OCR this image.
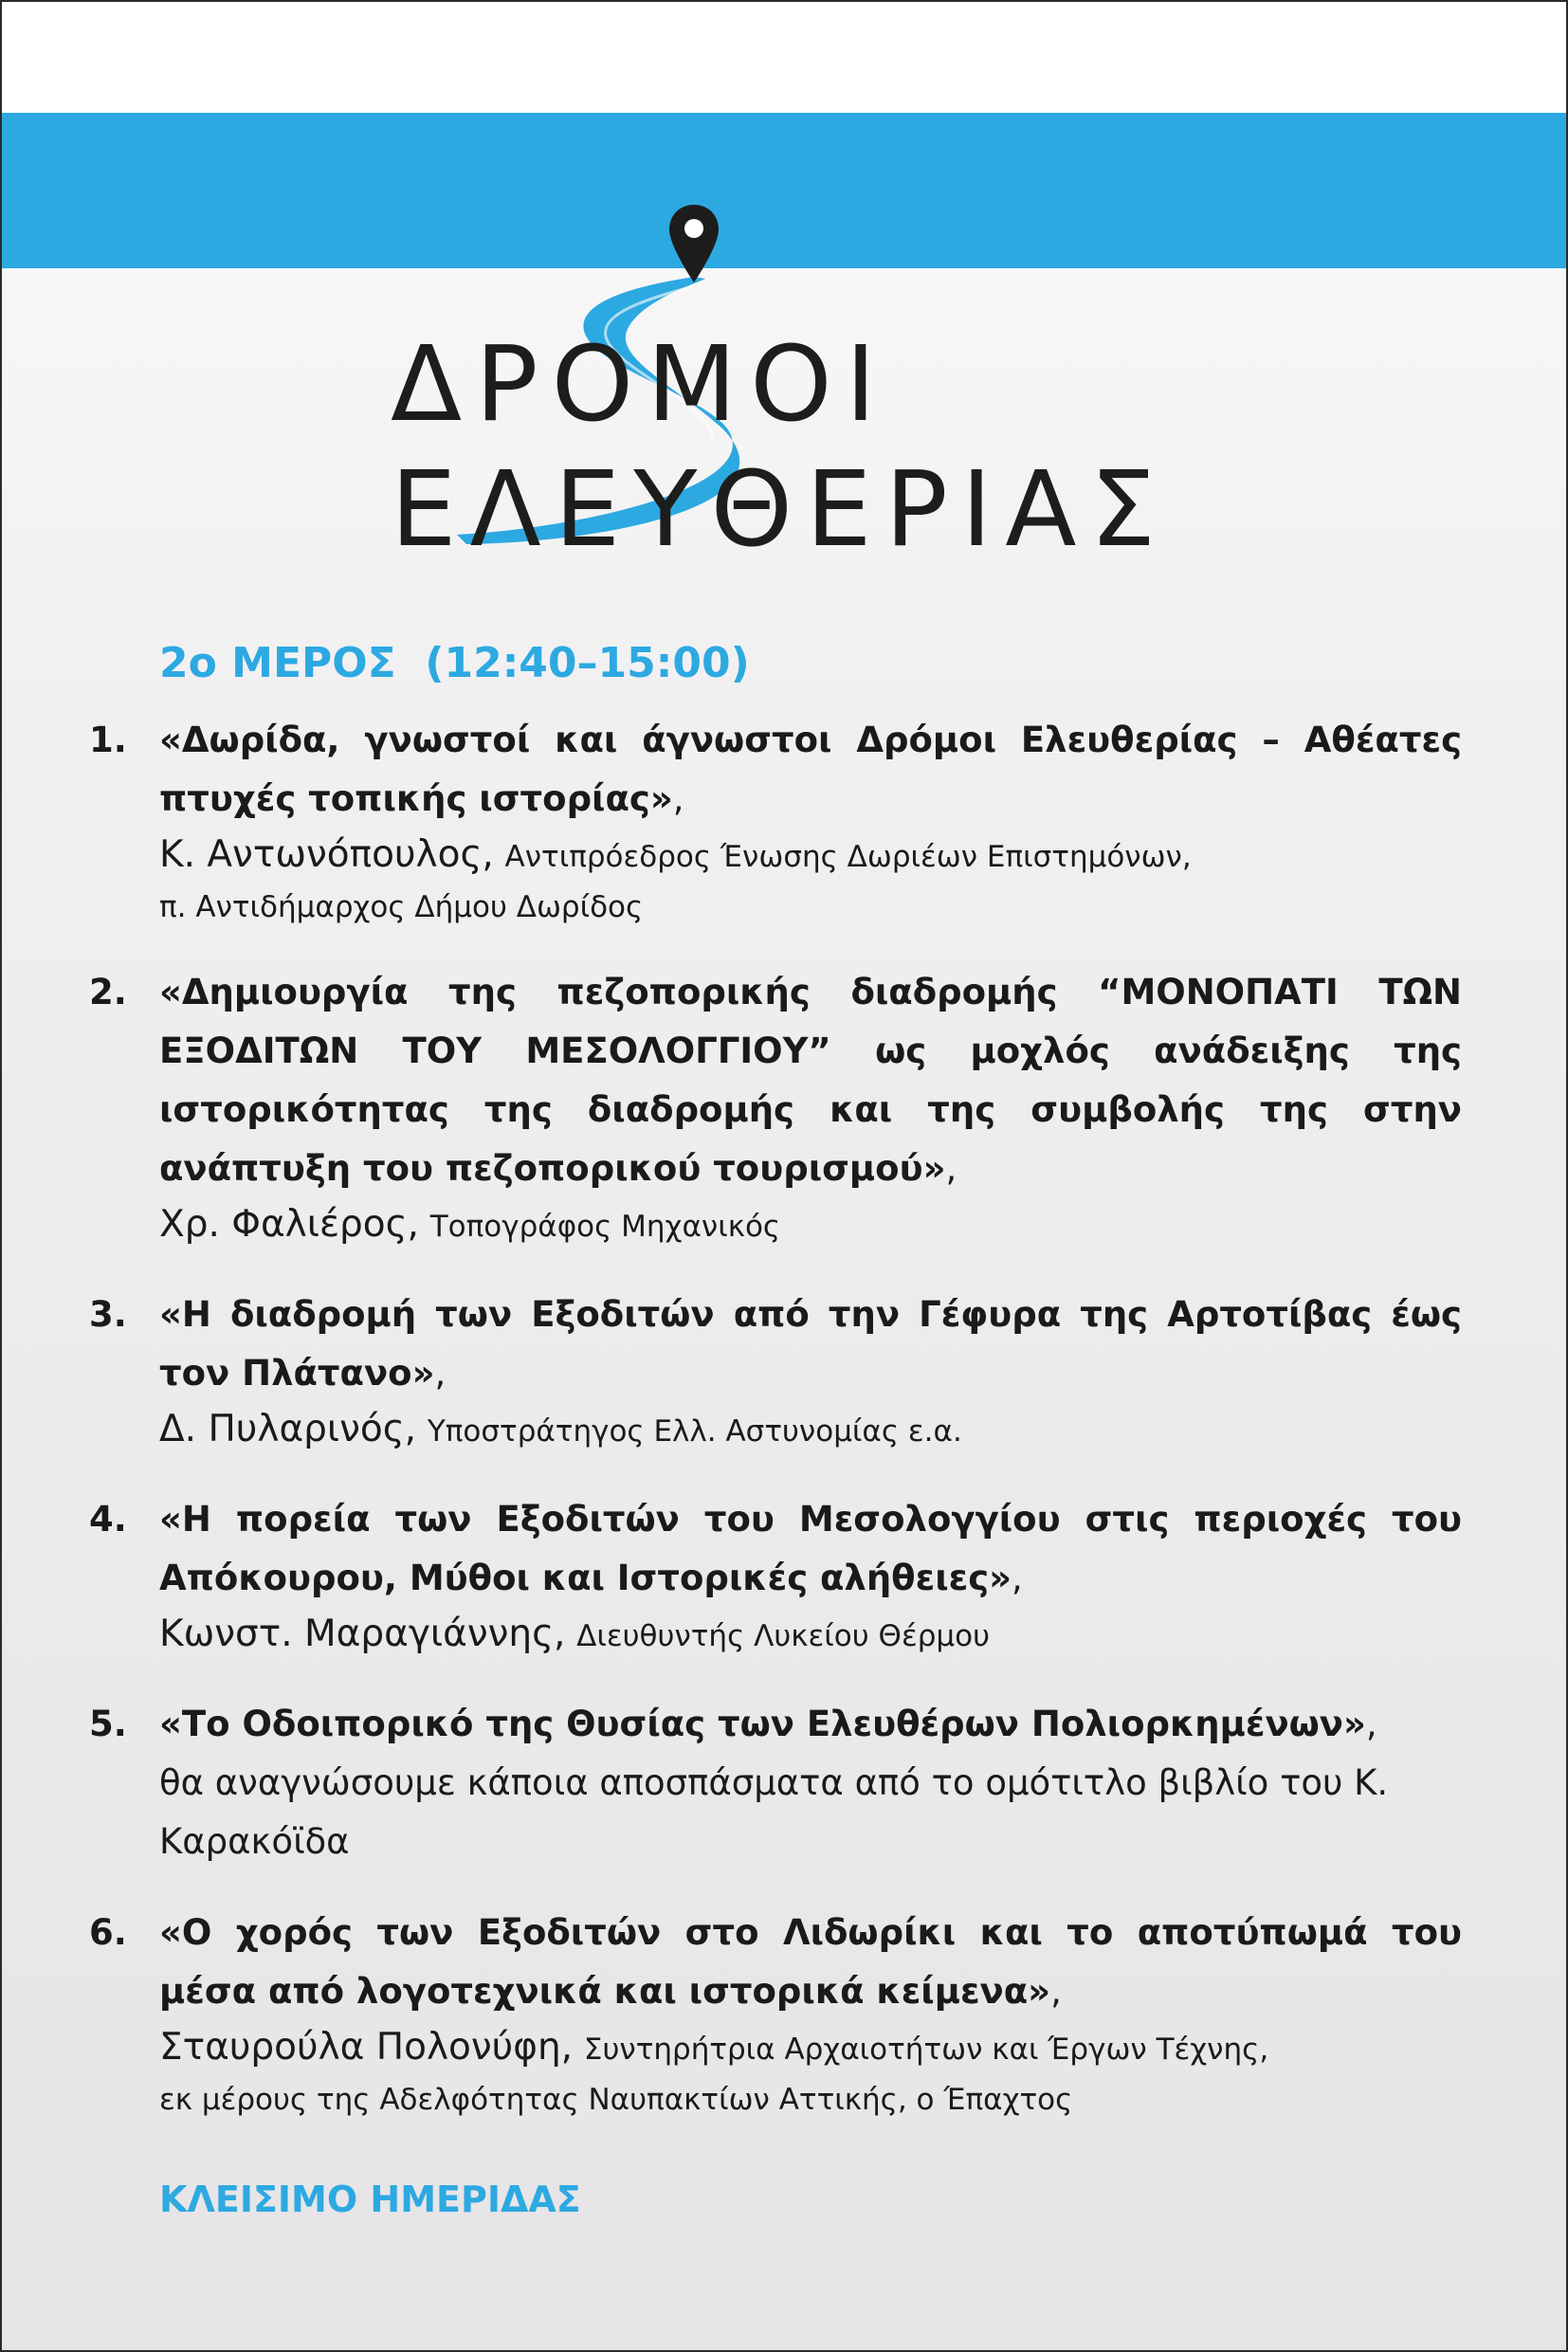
ΔΡΟΜΟΙ
ΕΛΕΥΘΕΡΙΑΣ
2ο ΜΕΡΟΣ  (12:40–15:00)
1. «Δωρίδα, γνωστοί και άγνωστοι Δρόμοι Ελευθερίας – Αθέατες πτυχές τοπικής ιστορίας»,
Κ. Αντωνόπουλος, Αντιπρόεδρος Ένωσης Δωριέων Επιστημόνων,
π. Αντιδήμαρχος Δήμου Δωρίδος
2. «Δημιουργία της πεζοπορικής διαδρομής “ΜΟΝΟΠΑΤΙ ΤΩΝ ΕΞΟΔΙΤΩΝ ΤΟΥ ΜΕΣΟΛΟΓΓΙΟΥ” ως μοχλός ανάδειξης της ιστορικότητας της διαδρομής και της συμβολής της στην ανάπτυξη του πεζοπορικού τουρισμού»,
Χρ. Φαλιέρος, Τοπογράφος Μηχανικός
3. «Η διαδρομή των Εξοδιτών από την Γέφυρα της Αρτοτίβας έως τον Πλάτανο»,
Δ. Πυλαρινός, Υποστράτηγος Ελλ. Αστυνομίας ε.α.
4. «Η πορεία των Εξοδιτών του Μεσολογγίου στις περιοχές του Απόκουρου, Μύθοι και Ιστορικές αλήθειες»,
Κωνστ. Μαραγιάννης, Διευθυντής Λυκείου Θέρμου
5. «Το Οδοιπορικό της Θυσίας των Ελευθέρων Πολιορκημένων»,
θα αναγνώσουμε κάποια αποσπάσματα από το ομότιτλο βιβλίο του Κ. Καρακόϊδα
6. «Ο χορός των Εξοδιτών στο Λιδωρίκι και το αποτύπωμά του μέσα από λογοτεχνικά και ιστορικά κείμενα»,
Σταυρούλα Πολονύφη, Συντηρήτρια Αρχαιοτήτων και Έργων Τέχνης,
εκ μέρους της Αδελφότητας Ναυπακτίων Αττικής, ο Έπαχτος
ΚΛΕΙΣΙΜΟ ΗΜΕΡΙΔΑΣ
